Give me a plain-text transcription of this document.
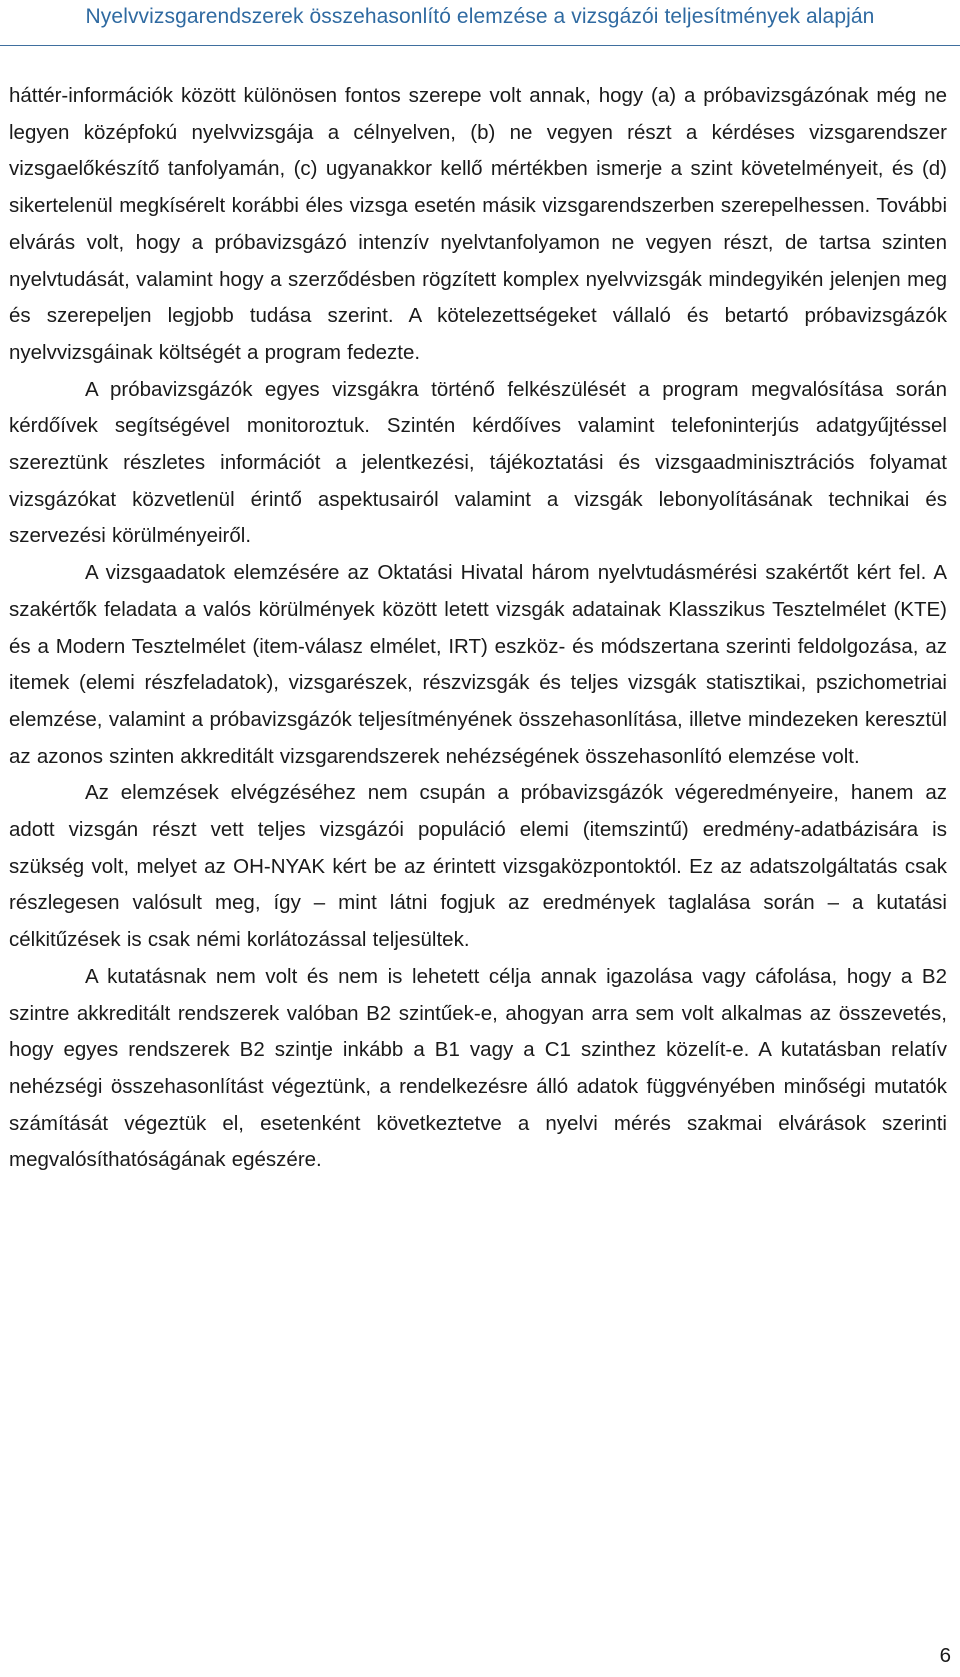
Nyelvvizsgarendszerek összehasonlító elemzése a vizsgázói teljesítmények alapján

háttér-információk között különösen fontos szerepe volt annak, hogy (a) a próbavizsgázónak még ne legyen középfokú nyelvvizsgája a célnyelven, (b) ne vegyen részt a kérdéses vizsgarendszer vizsgaelőkészítő tanfolyamán, (c) ugyanakkor kellő mértékben ismerje a szint követelményeit, és (d) sikertelenül megkísérelt korábbi éles vizsga esetén másik vizsgarendszerben szerepelhessen. További elvárás volt, hogy a próbavizsgázó intenzív nyelvtanfolyamon ne vegyen részt, de tartsa szinten nyelvtudását, valamint hogy a szerződésben rögzített komplex nyelvvizsgák mindegyikén jelenjen meg és szerepeljen legjobb tudása szerint. A kötelezettségeket vállaló és betartó próbavizsgázók nyelvvizsgáinak költségét a program fedezte.

A próbavizsgázók egyes vizsgákra történő felkészülését a program megvalósítása során kérdőívek segítségével monitoroztuk. Szintén kérdőíves valamint telefoninterjús adatgyűjtéssel szereztünk részletes információt a jelentkezési, tájékoztatási és vizsgaadminisztrációs folyamat vizsgázókat közvetlenül érintő aspektusairól valamint a vizsgák lebonyolításának technikai és szervezési körülményeiről.

A vizsgaadatok elemzésére az Oktatási Hivatal három nyelvtudásmérési szakértőt kért fel. A szakértők feladata a valós körülmények között letett vizsgák adatainak Klasszikus Tesztelmélet (KTE) és a Modern Tesztelmélet (item-válasz elmélet, IRT) eszköz- és módszertana szerinti feldolgozása, az itemek (elemi részfeladatok), vizsgarészek, részvizsgák és teljes vizsgák statisztikai, pszichometriai elemzése, valamint a próbavizsgázók teljesítményének összehasonlítása, illetve mindezeken keresztül az azonos szinten akkreditált vizsgarendszerek nehézségének összehasonlító elemzése volt.

Az elemzések elvégzéséhez nem csupán a próbavizsgázók végeredményeire, hanem az adott vizsgán részt vett teljes vizsgázói populáció elemi (itemszintű) eredmény-adatbázisára is szükség volt, melyet az OH-NYAK kért be az érintett vizsgaközpontoktól. Ez az adatszolgáltatás csak részlegesen valósult meg, így – mint látni fogjuk az eredmények taglalása során – a kutatási célkitűzések is csak némi korlátozással teljesültek.

A kutatásnak nem volt és nem is lehetett célja annak igazolása vagy cáfolása, hogy a B2 szintre akkreditált rendszerek valóban B2 szintűek-e, ahogyan arra sem volt alkalmas az összevetés, hogy egyes rendszerek B2 szintje inkább a B1 vagy a C1 szinthez közelít-e. A kutatásban relatív nehézségi összehasonlítást végeztünk, a rendelkezésre álló adatok függvényében minőségi mutatók számítását végeztük el, esetenként következtetve a nyelvi mérés szakmai elvárások szerinti megvalósíthatóságának egészére.

6
